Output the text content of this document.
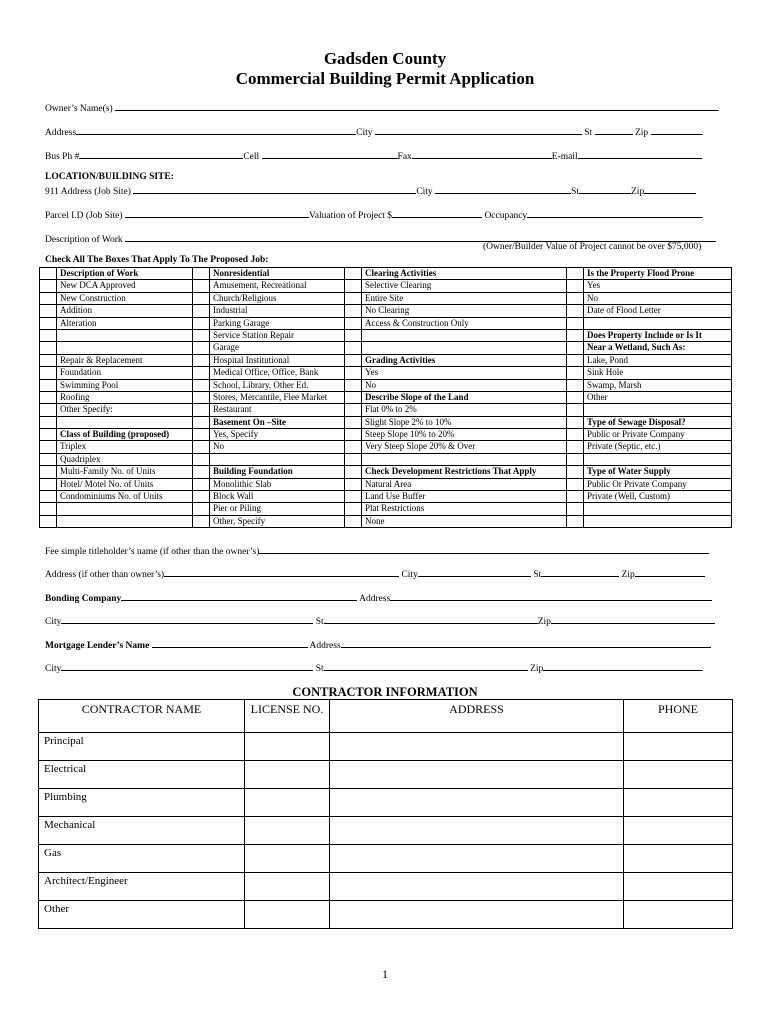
Gadsden County
Commercial Building Permit Application
Owner’s Name(s)
Address	City	St	Zip
Bus Ph #	Cell	Fax	E-mail
LOCATION/BUILDING SITE:
911 Address (Job Site)	City	St	Zip
Parcel I.D (Job Site)	Valuation of Project $	Occupancy
Description of Work
(Owner/Builder Value of Project cannot be over $75,000)
Check All The Boxes That Apply To The Proposed Job:
	Description of Work		Nonresidential		Clearing Activities		Is the Property Flood Prone
	New DCA Approved		Amusement, Recreational		Selective Clearing		Yes
	New Construction		Church/Religious		Entire Site		No
	Addition		Industrial		No Clearing		Date of Flood Letter
	Alteration		Parking Garage		Access & Construction Only		
			Service Station Repair				Does Property Include or Is It
			Garage				Near a Wetland, Such As:
	Repair & Replacement		Hospital Institutional		Grading Activities		Lake, Pond
	Foundation		Medical Office, Office, Bank		Yes		Sink Hole
	Swimming Pool		School, Library, Other Ed.		No		Swamp, Marsh
	Roofing		Stores, Mercantile, Flee Market		Describe Slope of the Land		Other
	Other Specify:		Restaurant		Flat 0% to 2%		
			Basement On –Site		Slight Slope 2% to 10%		Type of Sewage Disposal?
	Class of Building (proposed)		Yes, Specify		Steep Slope 10% to 20%		Public or Private Company
	Triplex		No		Very Steep Slope 20% & Over		Private (Septic, etc.)
	Quadriplex						
	Multi-Family No. of Units		Building Foundation		Check Development Restrictions That Apply		Type of Water Supply
	Hotel/ Motel No. of Units		Monolithic Slab		Natural Area		Public Or Private Company
	Condominiums No. of Units		Block Wall		Land Use Buffer		Private (Well, Custom)
			Pier or Piling		Plat Restrictions		
			Other, Specify		None		
Fee simple titleholder’s name (if other than the owner’s)
Address (if other than owner’s)	City	St	Zip
Bonding Company	Address
City	St	Zip
Mortgage Lender’s Name	Address
City	St	Zip
CONTRACTOR INFORMATION
CONTRACTOR NAME	LICENSE NO.	ADDRESS	PHONE
Principal			
Electrical			
Plumbing			
Mechanical			
Gas			
Architect/Engineer			
Other			
1
